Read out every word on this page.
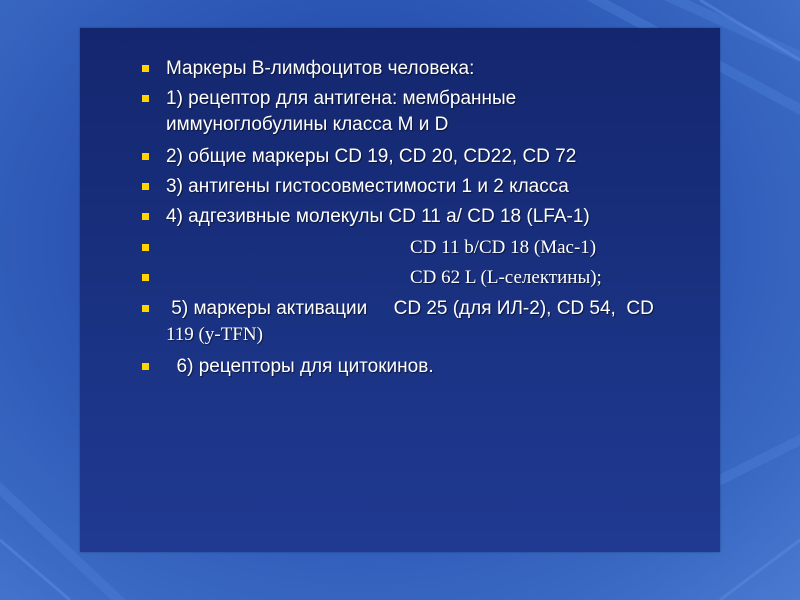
Маркеры В-лимфоцитов человека:
1) рецептор для антигена: мембранные
иммуноглобулины класса М и D
2) общие маркеры СD 19, CD 20, CD22, CD 72
3) антигены гистосовместимости 1 и 2 класса
4) адгезивные молекулы СD 11 a/ СD 18 (LFA-1)
CD 11 b/CD 18 (Mac-1)
CD 62 L (L-селектины);
5) маркеры активации     СD 25 (для ИЛ-2), CD 54,  CD
119 (y-TFN)
6) рецепторы для цитокинов.
